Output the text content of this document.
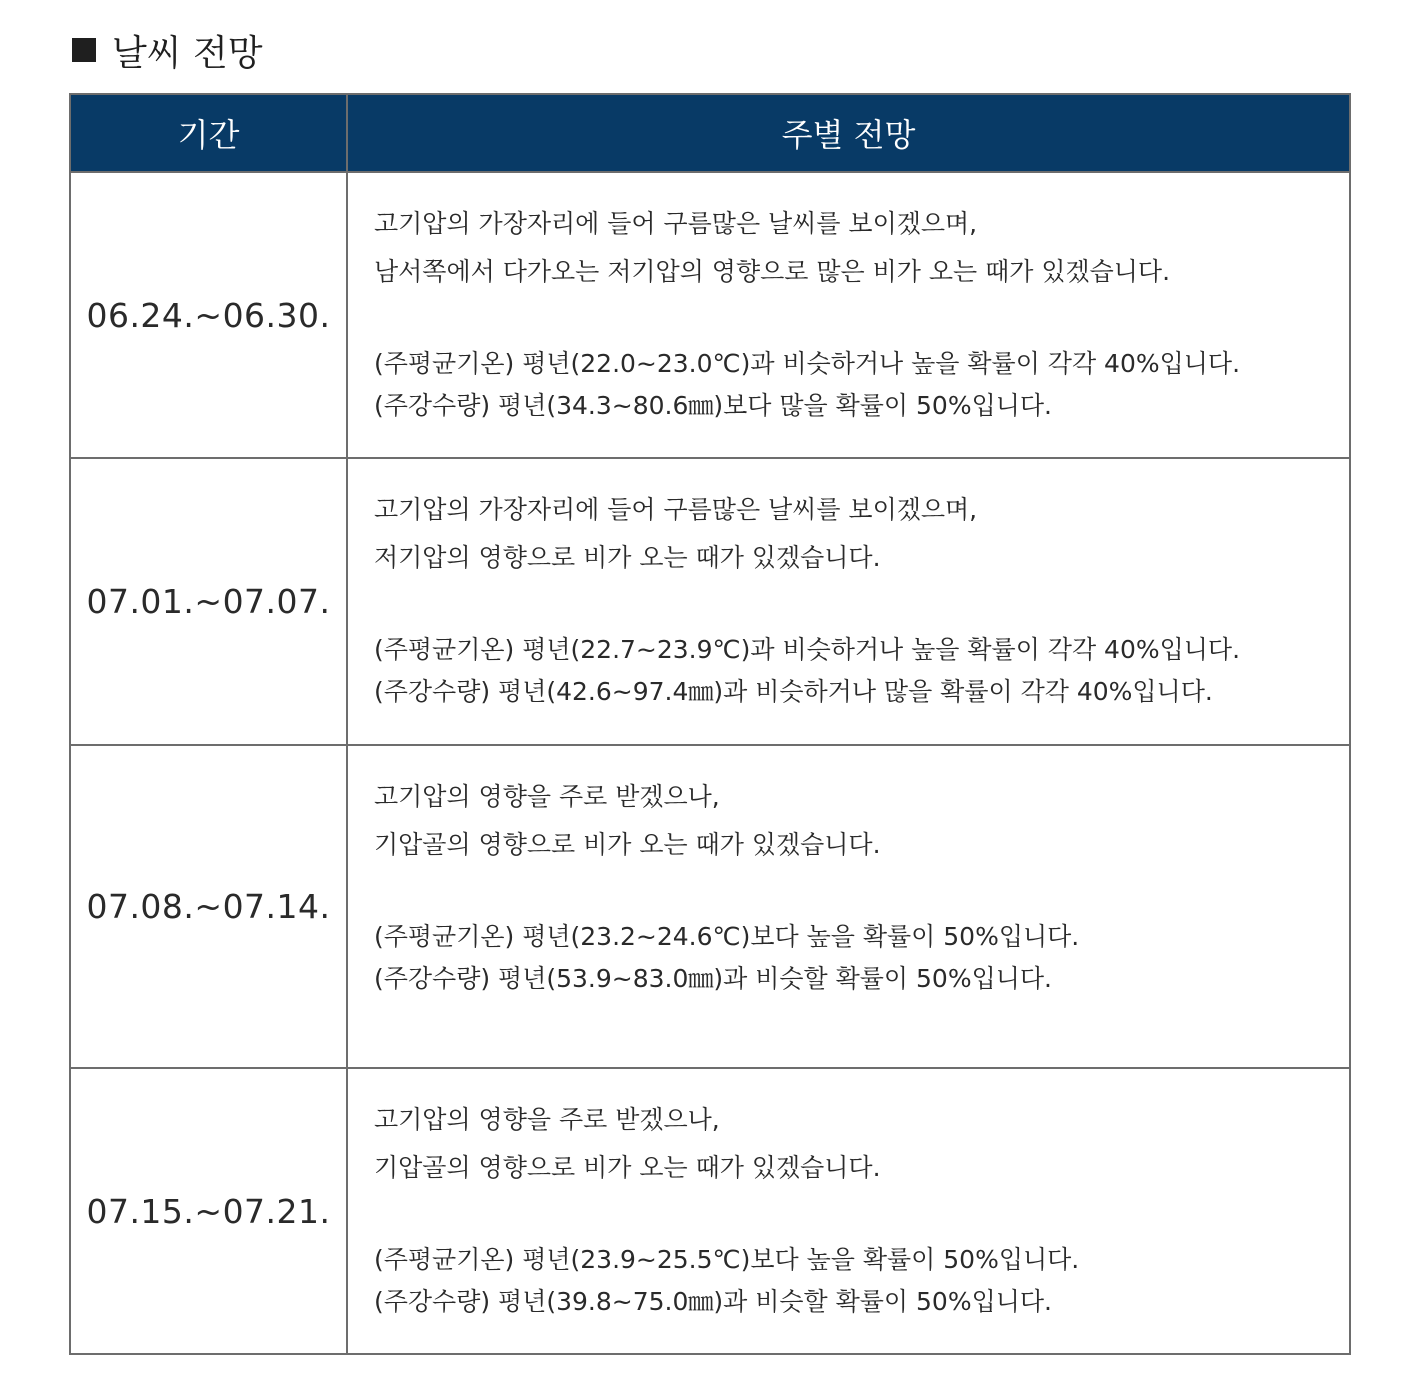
날씨 전망
기간	주별 전망
06.24.~06.30.	고기압의 가장자리에 들어 구름많은 날씨를 보이겠으며,
남서쪽에서 다가오는 저기압의 영향으로 많은 비가 오는 때가 있겠습니다.
(주평균기온) 평년(22.0~23.0℃)과 비슷하거나 높을 확률이 각각 40%입니다.
(주강수량) 평년(34.3~80.6㎜)보다 많을 확률이 50%입니다.

07.01.~07.07.	고기압의 가장자리에 들어 구름많은 날씨를 보이겠으며,
저기압의 영향으로 비가 오는 때가 있겠습니다.
(주평균기온) 평년(22.7~23.9℃)과 비슷하거나 높을 확률이 각각 40%입니다.
(주강수량) 평년(42.6~97.4㎜)과 비슷하거나 많을 확률이 각각 40%입니다.

07.08.~07.14.	고기압의 영향을 주로 받겠으나,
기압골의 영향으로 비가 오는 때가 있겠습니다.
(주평균기온) 평년(23.2~24.6℃)보다 높을 확률이 50%입니다.
(주강수량) 평년(53.9~83.0㎜)과 비슷할 확률이 50%입니다.

07.15.~07.21.	고기압의 영향을 주로 받겠으나,
기압골의 영향으로 비가 오는 때가 있겠습니다.
(주평균기온) 평년(23.9~25.5℃)보다 높을 확률이 50%입니다.
(주강수량) 평년(39.8~75.0㎜)과 비슷할 확률이 50%입니다.
